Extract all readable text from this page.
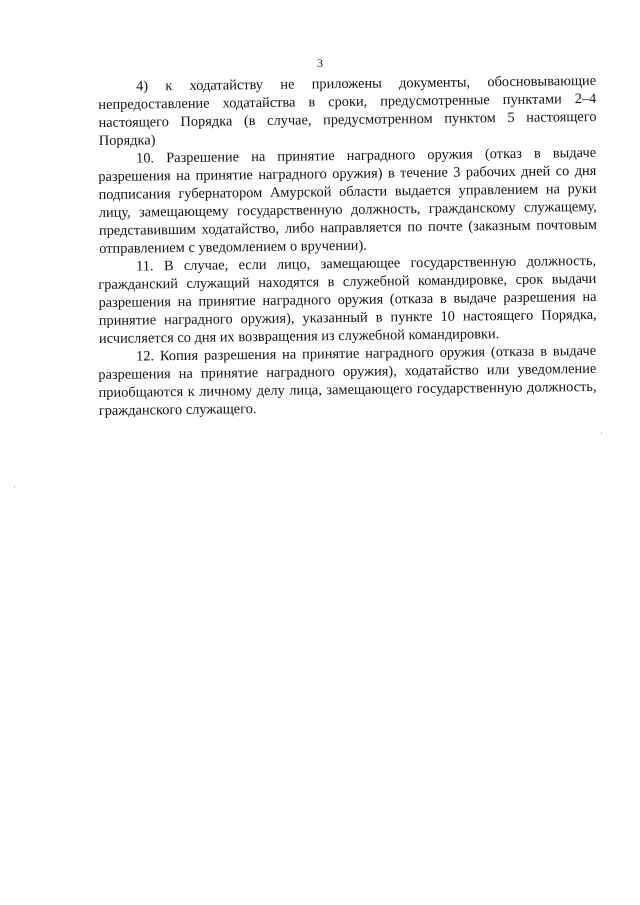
3

4) к ходатайству не приложены документы, обосновывающие непредоставление ходатайства в сроки, предусмотренные пунктами 2–4 настоящего Порядка (в случае, предусмотренном пунктом 5 настоящего Порядка)

10. Разрешение на принятие наградного оружия (отказ в выдаче разрешения на принятие наградного оружия) в течение 3 рабочих дней со дня подписания губернатором Амурской области выдается управлением на руки лицу, замещающему государственную должность, гражданскому служащему, представившим ходатайство, либо направляется по почте (заказным почтовым отправлением с уведомлением о вручении).

11. В случае, если лицо, замещающее государственную должность, гражданский служащий находятся в служебной командировке, срок выдачи разрешения на принятие наградного оружия (отказа в выдаче разрешения на принятие наградного оружия), указанный в пункте 10 настоящего Порядка, исчисляется со дня их возвращения из служебной командировки.

12. Копия разрешения на принятие наградного оружия (отказа в выдаче разрешения на принятие наградного оружия), ходатайство или уведомление приобщаются к личному делу лица, замещающего государственную должность, гражданского служащего.
